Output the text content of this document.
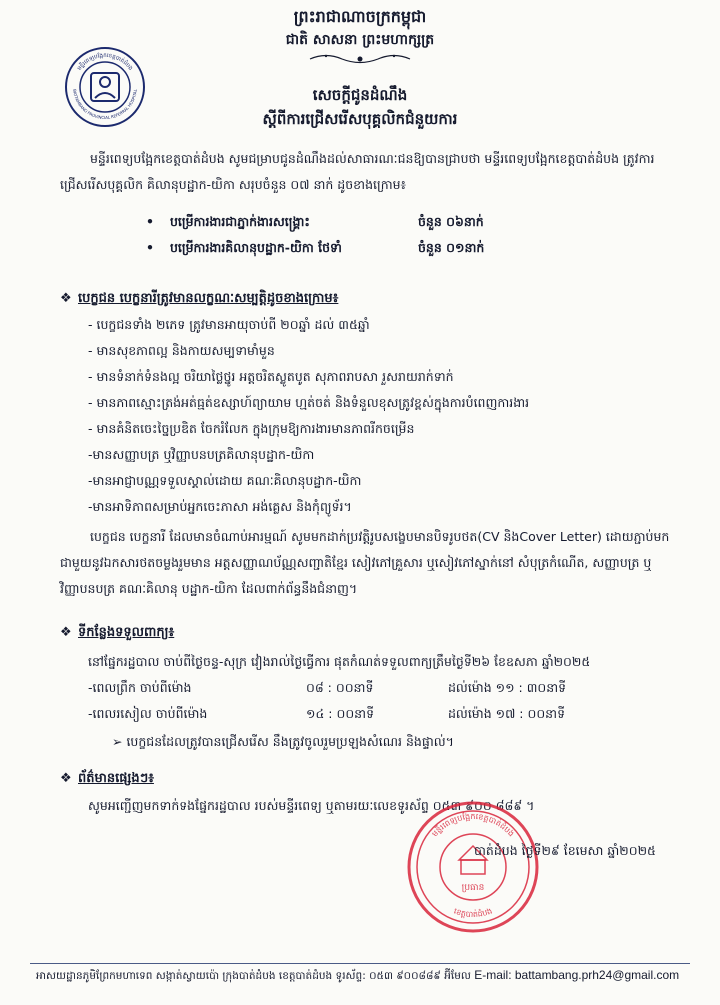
ព្រះរាជាណាចក្រកម្ពុជា
ជាតិ សាសនា ព្រះមហាក្សត្រ
មន្ទីរពេទ្យបង្អែកខេត្តបាត់ដំបង
BATTAMBANG PROVINCIAL REFERRAL HOSPITAL	សេចក្តីជូនដំណឹង
ស្តីពីការជ្រើសរើសបុគ្គលិកជំនួយការ
មន្ទីរពេទ្យបង្អែកខេត្តបាត់ដំបង សូមជម្រាបជូនដំណឹងដល់សាធារណៈជនឱ្យបានជ្រាបថា មន្ទីរពេទ្យបង្អែកខេត្តបាត់ដំបង ត្រូវការជ្រើសរើសបុគ្គលិក គិលានុបដ្ឋាក-យិកា សរុបចំនួន ០៧ នាក់ ដូចខាងក្រោម៖
• បម្រើការងារជាភ្នាក់ងារសង្គ្រោះ	ចំនួន ០៦នាក់
• បម្រើការងារគិលានុបដ្ឋាក-យិកា ថែទាំ	ចំនួន ០១នាក់
❖ បេក្ខជន បេក្ខនារីត្រូវមានលក្ខណៈសម្បត្តិដូចខាងក្រោម៖
- បេក្ខជនទាំង ២ភេទ ត្រូវមានអាយុចាប់ពី ២០ឆ្នាំ ដល់ ៣៥ឆ្នាំ
- មានសុខភាពល្អ និងកាយសម្បទាមាំមួន
- មានទំនាក់ទំនងល្អ ចរិយាថ្លៃថ្នូរ អត្តចរិតស្លូតបូត សុភាពរាបសា រួសរាយរាក់ទាក់
- មានភាពស្មោះត្រង់អត់ធ្មត់ឧស្សាហ៍ព្យាយាម ហ្មត់ចត់ និងទំនួលខុសត្រូវខ្ពស់ក្នុងការបំពេញការងារ
- មានគំនិតចេះច្នៃប្រឌិត ចែករំលែក ក្នុងក្រុមឱ្យការងារមានភាពរីកចម្រើន
-មានសញ្ញាបត្រ ឬវិញ្ញាបនបត្រគិលានុបដ្ឋាក-យិកា
-មានអាជ្ញាបណ្ណទទួលស្គាល់ដោយ គណៈគិលានុបដ្ឋាក-យិកា
-មានអាទិភាពសម្រាប់អ្នកចេះភាសា អង់គ្លេស និងកុំព្យូទ័រ។
បេក្ខជន បេក្ខនារី ដែលមានចំណាប់អារម្មណ៍ សូមមកដាក់ប្រវត្តិរូបសង្ខេបមានបិទរូបថត(CV និងCover Letter) ដោយភ្ជាប់មកជាមួយនូវឯកសារថតចម្លងរួមមាន អត្តសញ្ញាណប័ណ្ណសញ្ជាតិខ្មែរ សៀវភៅគ្រួសារ ឬសៀវភៅស្នាក់នៅ សំបុត្រកំណើត, សញ្ញាបត្រ ឬវិញ្ញាបនបត្រ គណៈគិលានុ បដ្ឋាក-យិកា ដែលពាក់ព័ន្ធនឹងជំនាញ។
❖ ទីកន្លែងទទួលពាក្យ៖
នៅផ្នែករដ្ឋបាល ចាប់ពីថ្ងៃចន្ទ-សុក្រ វៀងរាល់ថ្ងៃធ្វើការ ផុតកំណត់ទទួលពាក្យត្រឹមថ្ងៃទី២៦ ខែឧសភា ឆ្នាំ២០២៥
-ពេលព្រឹក ចាប់ពីម៉ោង	០៨ : ០០នាទី	ដល់ម៉ោង ១១ : ៣០នាទី
-ពេលរសៀល ចាប់ពីម៉ោង	១៤ : ០០នាទី	ដល់ម៉ោង ១៧ : ០០នាទី
➢ បេក្ខជនដែលត្រូវបានជ្រើសរើស នឹងត្រូវចូលរួមប្រឡងសំណេរ និងផ្ទាល់។
❖ ព័ត៌មានផ្សេងៗ៖
សូមអញ្ជើញមកទាក់ទងផ្នែករដ្ឋបាល របស់មន្ទីរពេទ្យ ឬតាមរយៈលេខទូរស័ព្ទ ០៥៣ ៩០០ ៨៨៩ ។
មន្ទីរពេទ្យបង្អែកខេត្តបាត់ដំបង
ខេត្តបាត់ដំបង
ប្រធាន
បាត់ដំបង ថ្ងៃទី២៩ ខែមេសា ឆ្នាំ២០២៥
អាសយដ្ឋានភូមិព្រែកមហាទេព សង្កាត់ស្វាយប៉ោ ក្រុងបាត់ដំបង ខេត្តបាត់ដំបង ទូរស័ព្ទ: ០៥៣ ៩០០៨៨៩ អ៊ីមែល E-mail: battambang.prh24@gmail.com
